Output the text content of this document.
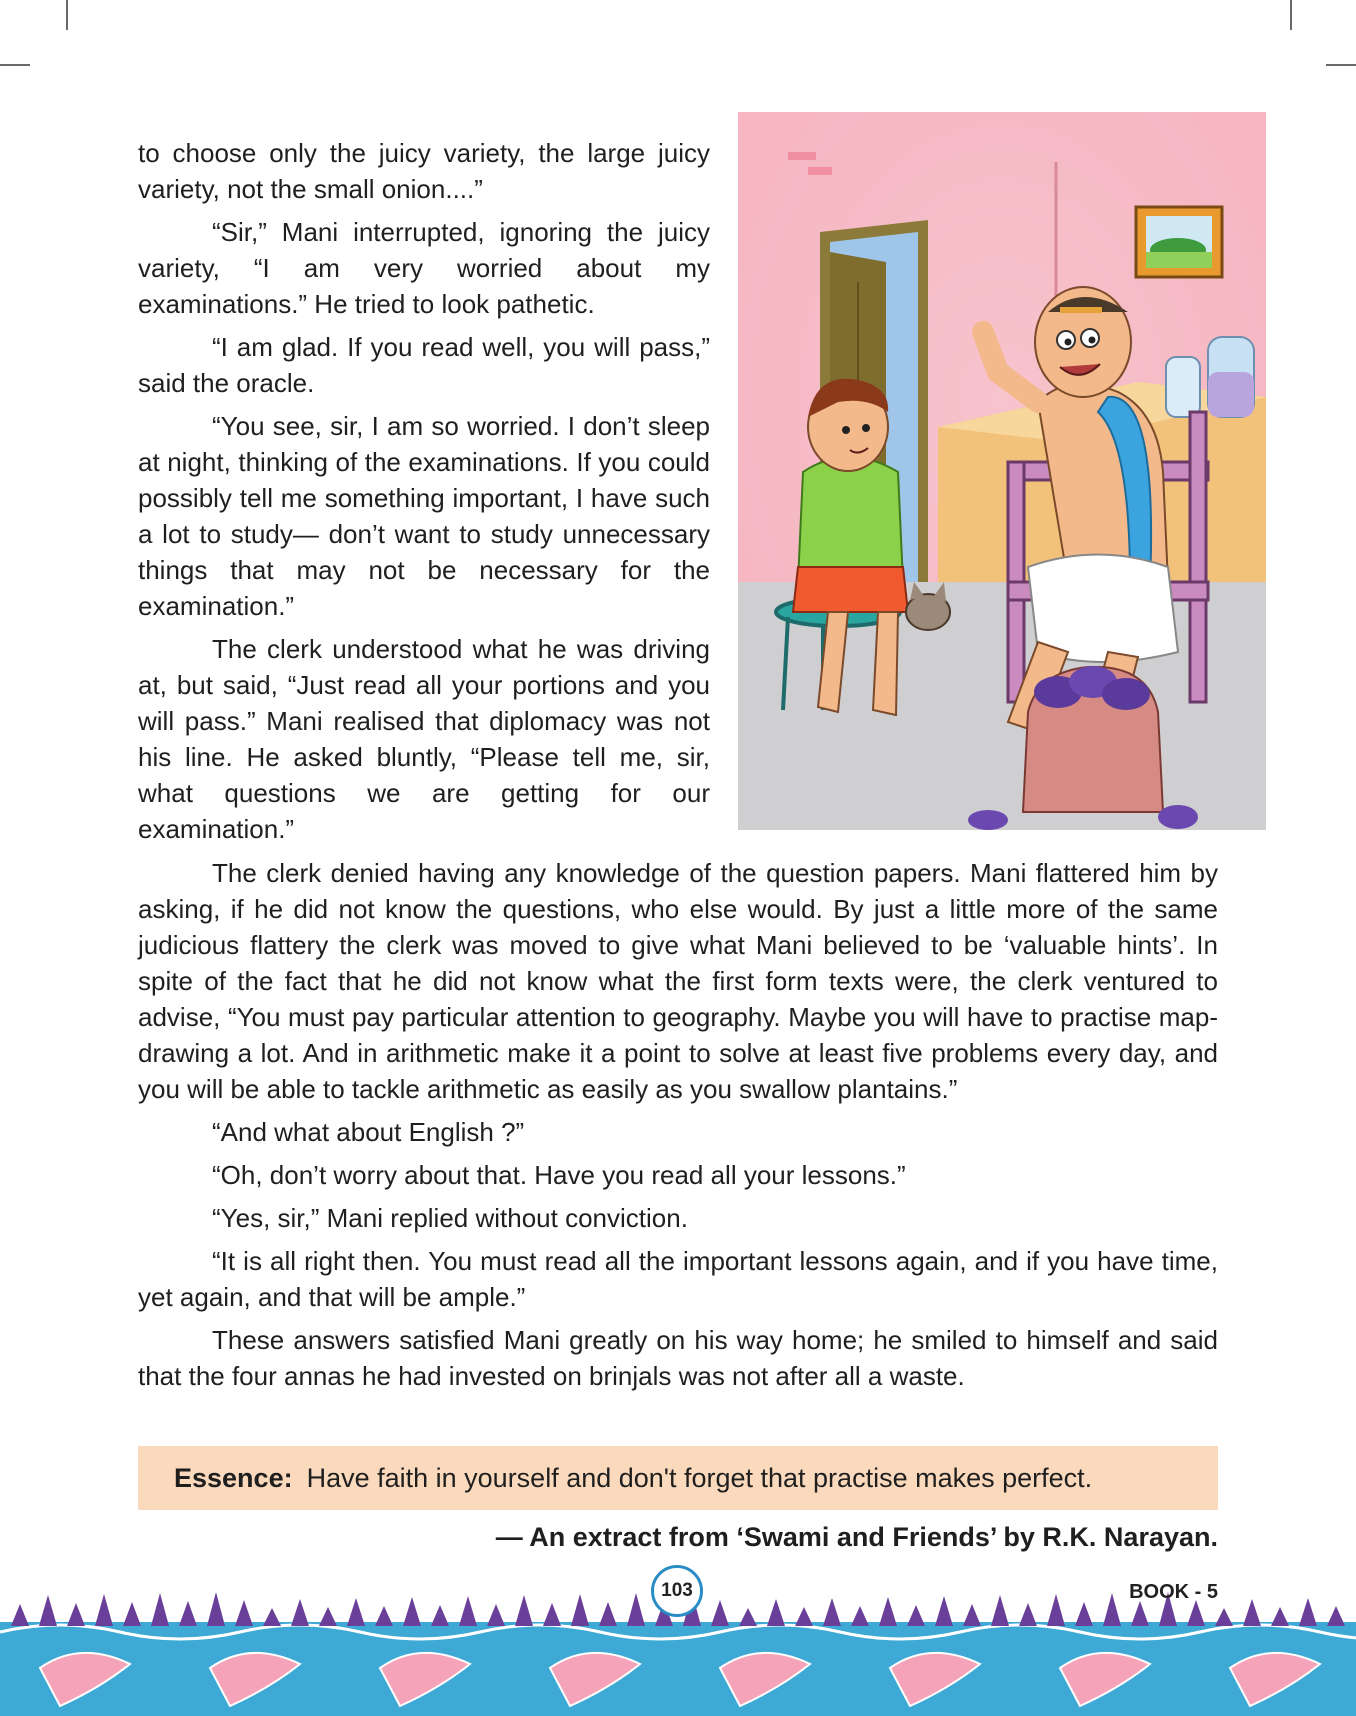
to choose only the juicy variety, the large juicy variety, not the small onion....”

“Sir,” Mani interrupted, ignoring the juicy variety, “I am very worried about my examinations.” He tried to look pathetic.

“I am glad. If you read well, you will pass,” said the oracle.

“You see, sir, I am so worried. I don’t sleep at night, thinking of the examinations. If you could possibly tell me something important, I have such a lot to study— don’t want to study unnecessary things that may not be necessary for the examination.”

The clerk understood what he was driving at, but said, “Just read all your portions and you will pass.” Mani realised that diplomacy was not his line. He asked bluntly, “Please tell me, sir, what questions we are getting for our examination.”

The clerk denied having any knowledge of the question papers. Mani flattered him by asking, if he did not know the questions, who else would. By just a little more of the same judicious flattery the clerk was moved to give what Mani believed to be ‘valuable hints’. In spite of the fact that he did not know what the first form texts were, the clerk ventured to advise, “You must pay particular attention to geography. Maybe you will have to practise map-drawing a lot. And in arithmetic make it a point to solve at least five problems every day, and you will be able to tackle arithmetic as easily as you swallow plantains.”

“And what about English ?”

“Oh, don’t worry about that. Have you read all your lessons.”

“Yes, sir,” Mani replied without conviction.

“It is all right then. You must read all the important lessons again, and if you have time, yet again, and that will be ample.”

These answers satisfied Mani greatly on his way home; he smiled to himself and said that the four annas he had invested on brinjals was not after all a waste.

Essence: Have faith in yourself and don't forget that practise makes perfect.
— An extract from ‘Swami and Friends’ by R.K. Narayan.
103	BOOK - 5
